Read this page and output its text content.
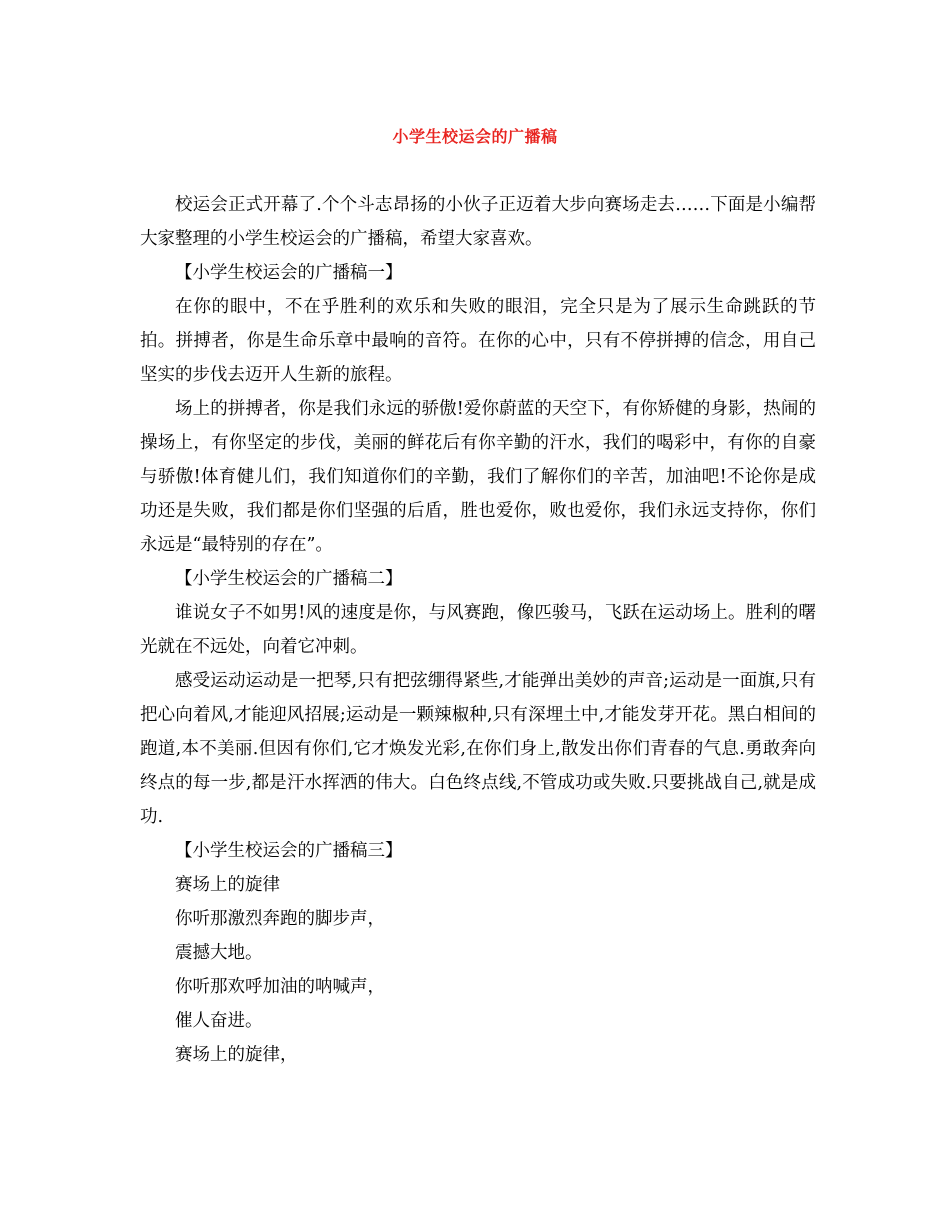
小学生校运会的广播稿

校运会正式开幕了.个个斗志昂扬的小伙子正迈着大步向赛场走去……下面是小编帮大家整理的小学生校运会的广播稿，希望大家喜欢。

【小学生校运会的广播稿一】

在你的眼中，不在乎胜利的欢乐和失败的眼泪，完全只是为了展示生命跳跃的节拍。拼搏者，你是生命乐章中最响的音符。在你的心中，只有不停拼搏的信念，用自己坚实的步伐去迈开人生新的旅程。

场上的拼搏者，你是我们永远的骄傲!爱你蔚蓝的天空下，有你矫健的身影，热闹的操场上，有你坚定的步伐，美丽的鲜花后有你辛勤的汗水，我们的喝彩中，有你的自豪与骄傲!体育健儿们，我们知道你们的辛勤，我们了解你们的辛苦，加油吧!不论你是成功还是失败，我们都是你们坚强的后盾，胜也爱你，败也爱你，我们永远支持你，你们永远是“最特别的存在”。

【小学生校运会的广播稿二】

谁说女子不如男!风的速度是你，与风赛跑，像匹骏马，飞跃在运动场上。胜利的曙光就在不远处，向着它冲刺。

感受运动运动是一把琴,只有把弦绷得紧些,才能弹出美妙的声音;运动是一面旗,只有把心向着风,才能迎风招展;运动是一颗辣椒种,只有深埋土中,才能发芽开花。黑白相间的跑道,本不美丽.但因有你们,它才焕发光彩,在你们身上,散发出你们青春的气息.勇敢奔向终点的每一步,都是汗水挥洒的伟大。白色终点线,不管成功或失败.只要挑战自己,就是成功.

【小学生校运会的广播稿三】

赛场上的旋律

你听那激烈奔跑的脚步声，

震撼大地。

你听那欢呼加油的呐喊声，

催人奋进。

赛场上的旋律，
